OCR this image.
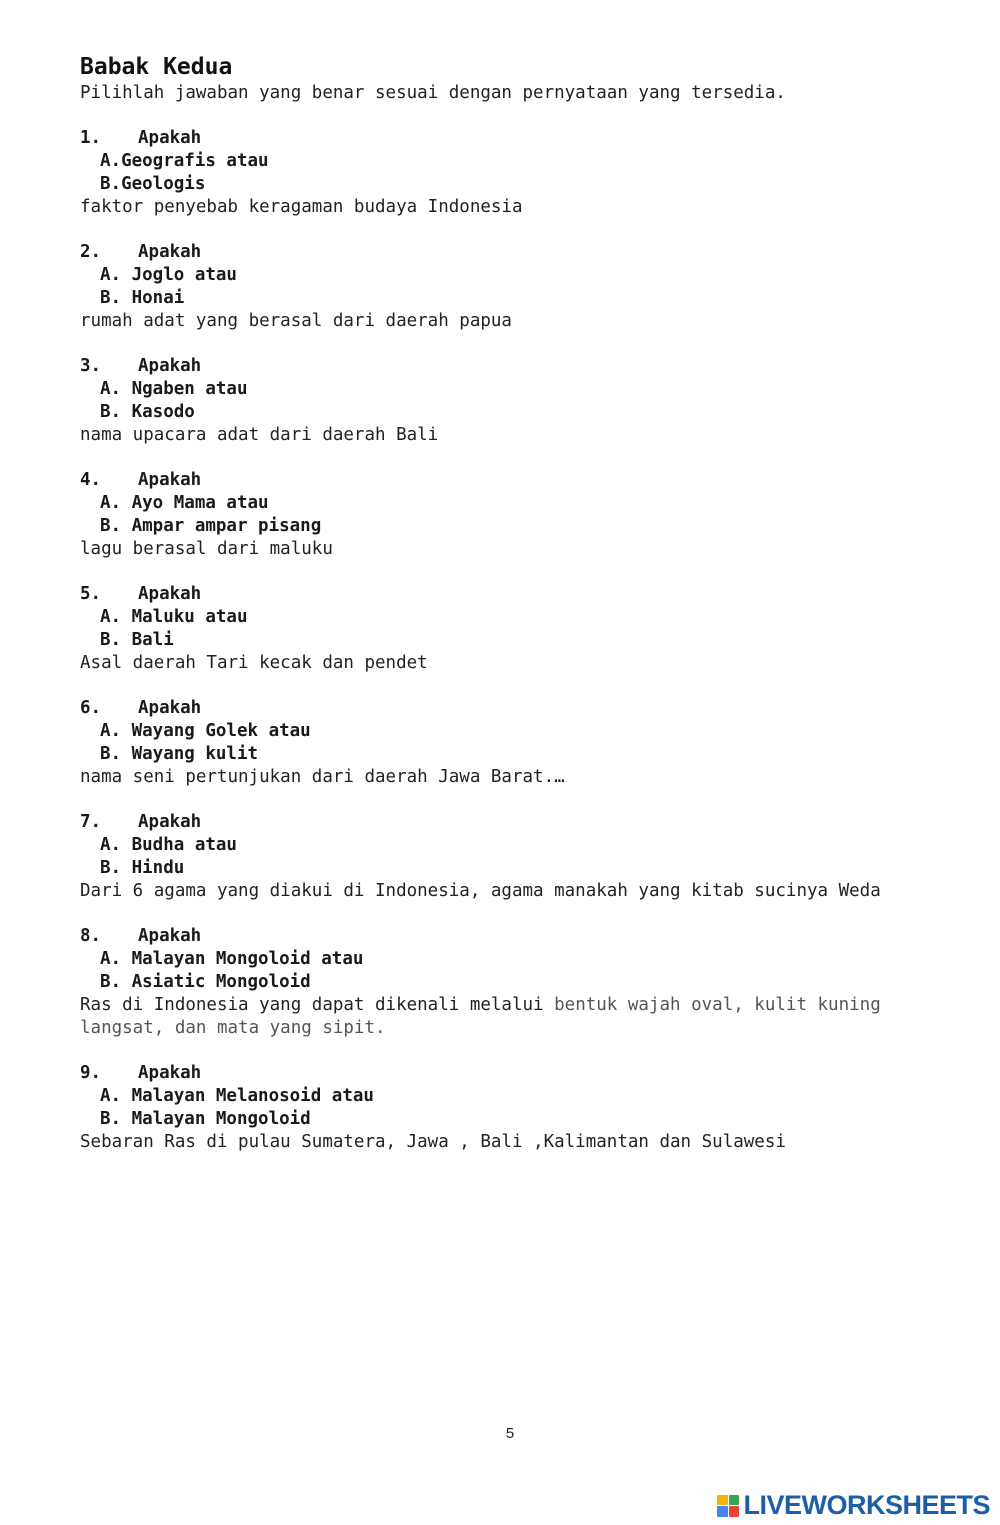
Babak Kedua
Pilihlah jawaban yang benar sesuai dengan pernyataan yang tersedia.
1. Apakah
A.Geografis atau
B.Geologis
faktor penyebab keragaman budaya Indonesia
2. Apakah
A. Joglo atau
B. Honai
rumah adat yang berasal dari daerah papua
3. Apakah
A. Ngaben atau
B. Kasodo
nama upacara adat dari daerah Bali
4. Apakah
A. Ayo Mama atau
B. Ampar ampar pisang
lagu berasal dari maluku
5. Apakah
A. Maluku atau
B. Bali
Asal daerah Tari kecak dan pendet
6. Apakah
A. Wayang Golek atau
B. Wayang kulit
nama seni pertunjukan dari daerah Jawa Barat.…
7. Apakah
A. Budha atau
B. Hindu
Dari 6 agama yang diakui di Indonesia, agama manakah yang kitab sucinya Weda
8. Apakah
A. Malayan Mongoloid atau
B. Asiatic Mongoloid
Ras di Indonesia yang dapat dikenali melalui bentuk wajah oval, kulit kuning langsat, dan mata yang sipit.
9. Apakah
A. Malayan Melanosoid atau
B. Malayan Mongoloid
Sebaran Ras di pulau Sumatera, Jawa , Bali ,Kalimantan dan Sulawesi
5
LIVEWORKSHEETS
